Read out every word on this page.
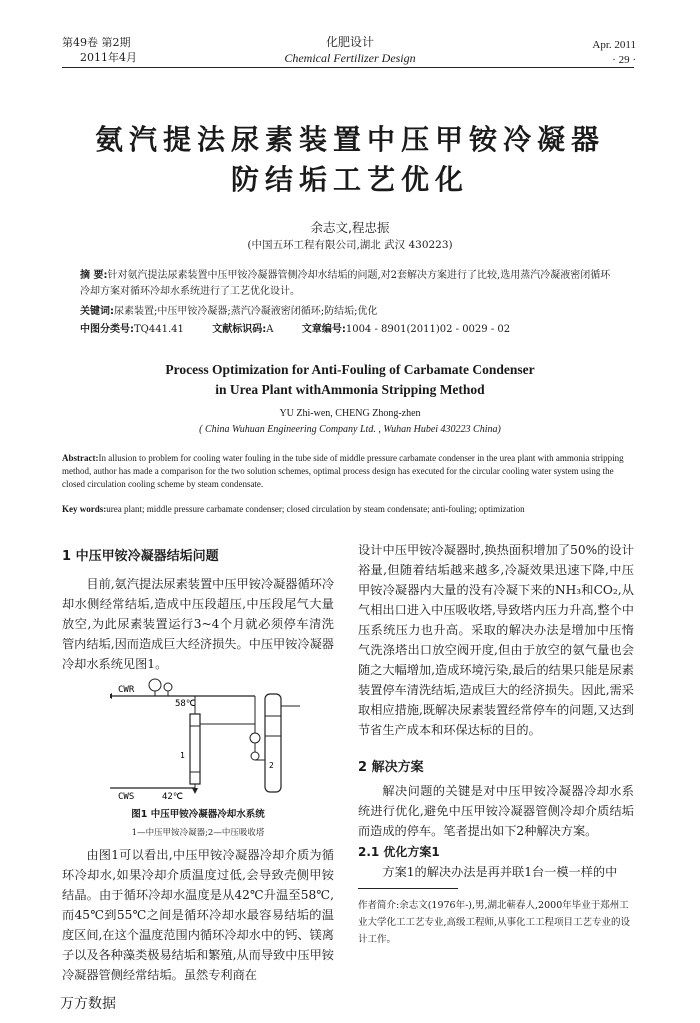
第49卷 第2期
2011年4月
化肥设计
Chemical Fertilizer Design
Apr. 2011
· 29 ·
氨汽提法尿素装置中压甲铵冷凝器
防结垢工艺优化
余志文,程忠振
(中国五环工程有限公司,湖北 武汉 430223)
摘 要:针对氨汽提法尿素装置中压甲铵冷凝器管侧冷却水结垢的问题,对2套解决方案进行了比较,选用蒸汽冷凝液密闭循环冷却方案对循环冷却水系统进行了工艺优化设计。
关键词:尿素装置;中压甲铵冷凝器;蒸汽冷凝液密闭循环;防结垢;优化
中图分类号:TQ441.41	文献标识码:A	文章编号:1004 - 8901(2011)02 - 0029 - 02
Process Optimization for Anti-Fouling of Carbamate Condenser
in Urea Plant withAmmonia Stripping Method
YU Zhi-wen, CHENG Zhong-zhen
( China Wuhuan Engineering Company Ltd. , Wuhan Hubei 430223 China)
Abstract:In allusion to problem for cooling water fouling in the tube side of middle pressure carbamate condenser in the urea plant with ammonia stripping method, author has made a comparison for the two solution schemes, optimal process design has executed for the circular cooling water system using the closed circulation cooling scheme by steam condensate.
Key words:urea plant; middle pressure carbamate condenser; closed circulation by steam condensate; anti-fouling; optimization
1 中压甲铵冷凝器结垢问题

目前,氨汽提法尿素装置中压甲铵冷凝器循环冷却水侧经常结垢,造成中压段超压,中压段尾气大量放空,为此尿素装置运行3~4个月就必须停车清洗管内结垢,因而造成巨大经济损失。中压甲铵冷凝器冷却水系统见图1。

CWR
58℃
1
2
CWS	42℃
图1 中压甲铵冷凝器冷却水系统
1—中压甲铵冷凝器;2—中压吸收塔

由图1可以看出,中压甲铵冷凝器冷却介质为循环冷却水,如果冷却介质温度过低,会导致壳侧甲铵结晶。由于循环冷却水温度是从42℃升温至58℃,而45℃到55℃之间是循环冷却水最容易结垢的温度区间,在这个温度范围内循环冷却水中的钙、镁离子以及各种藻类极易结垢和繁殖,从而导致中压甲铵冷凝器管侧经常结垢。虽然专利商在

设计中压甲铵冷凝器时,换热面积增加了50%的设计裕量,但随着结垢越来越多,冷凝效果迅速下降,中压甲铵冷凝器内大量的没有冷凝下来的NH₃和CO₂,从气相出口进入中压吸收塔,导致塔内压力升高,整个中压系统压力也升高。采取的解决办法是增加中压惰气洗涤塔出口放空阀开度,但由于放空的氨气量也会随之大幅增加,造成环境污染,最后的结果只能是尿素装置停车清洗结垢,造成巨大的经济损失。因此,需采取相应措施,既解决尿素装置经常停车的问题,又达到节省生产成本和环保达标的目的。

2 解决方案

解决问题的关键是对中压甲铵冷凝器冷却水系统进行优化,避免中压甲铵冷凝器管侧冷却介质结垢而造成的停车。笔者提出如下2种解决方案。

2.1 优化方案1

方案1的解决办法是再并联1台一模一样的中

作者简介:余志文(1976年-),男,湖北蕲春人,2000年毕业于郑州工业大学化工工艺专业,高级工程师,从事化工工程项目工艺专业的设计工作。
万方数据
